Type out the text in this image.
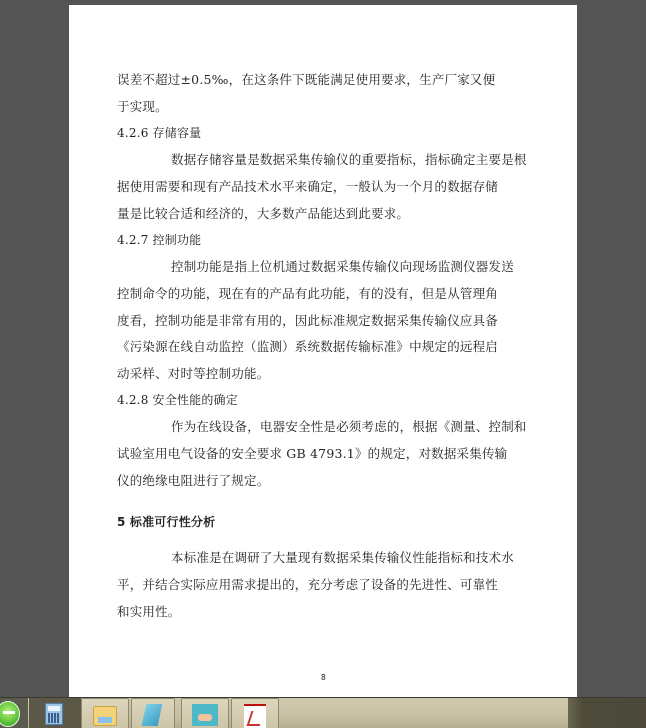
误差不超过±0.5‰，在这条件下既能满足使用要求，生产厂家又便
于实现。
4.2.6 存储容量
数据存储容量是数据采集传输仪的重要指标，指标确定主要是根
据使用需要和现有产品技术水平来确定，一般认为一个月的数据存储
量是比较合适和经济的，大多数产品能达到此要求。
4.2.7 控制功能
控制功能是指上位机通过数据采集传输仪向现场监测仪器发送
控制命令的功能，现在有的产品有此功能，有的没有，但是从管理角
度看，控制功能是非常有用的，因此标准规定数据采集传输仪应具备
《污染源在线自动监控（监测）系统数据传输标准》中规定的远程启
动采样、对时等控制功能。
4.2.8 安全性能的确定
作为在线设备，电器安全性是必须考虑的，根据《测量、控制和
试验室用电气设备的安全要求 GB 4793.1》的规定，对数据采集传输
仪的绝缘电阻进行了规定。
5 标准可行性分析
本标准是在调研了大量现有数据采集传输仪性能指标和技术水
平，并结合实际应用需求提出的，充分考虑了设备的先进性、可靠性
和实用性。
8
